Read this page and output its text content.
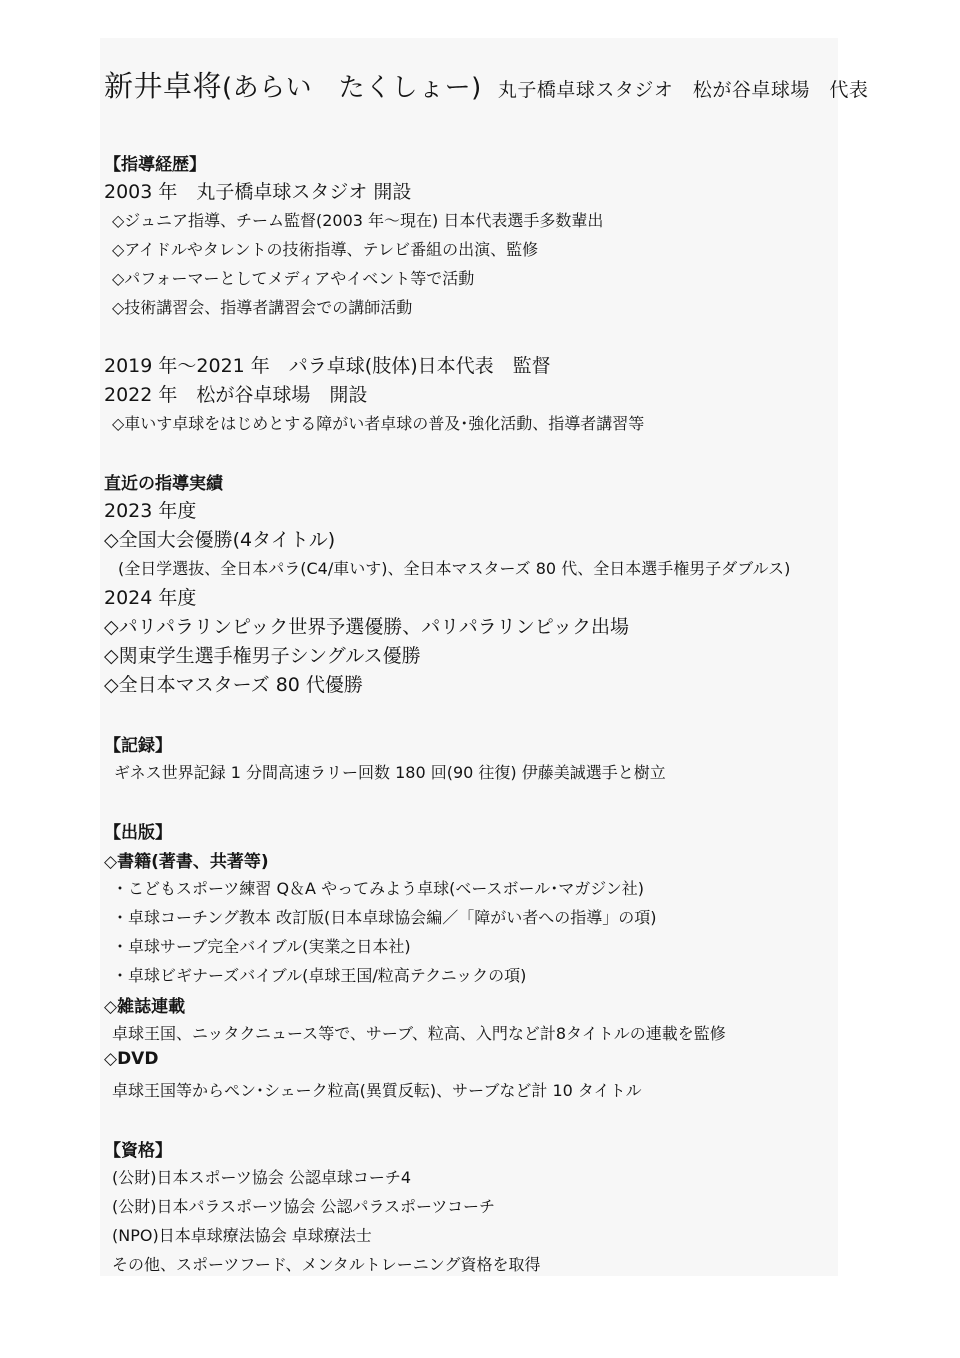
新井卓将(あらい　たくしょー) 丸子橋卓球スタジオ　松が谷卓球場　代表
【指導経歴】
2003 年　丸子橋卓球スタジオ 開設
◇ジュニア指導、チーム監督(2003 年～現在) 日本代表選手多数輩出
◇アイドルやタレントの技術指導、テレビ番組の出演、監修
◇パフォーマーとしてメディアやイベント等で活動
◇技術講習会、指導者講習会での講師活動
2019 年～2021 年　パラ卓球(肢体)日本代表　監督
2022 年　松が谷卓球場　開設
◇車いす卓球をはじめとする障がい者卓球の普及･強化活動、指導者講習等
直近の指導実績
2023 年度
◇全国大会優勝(4タイトル)
(全日学選抜、全日本パラ(C4/車いす)、全日本マスターズ 80 代、全日本選手権男子ダブルス)
2024 年度
◇パリパラリンピック世界予選優勝、パリパラリンピック出場
◇関東学生選手権男子シングルス優勝
◇全日本マスターズ 80 代優勝
【記録】
ギネス世界記録 1 分間高速ラリー回数 180 回(90 往復) 伊藤美誠選手と樹立
【出版】
◇書籍(著書、共著等)
・こどもスポーツ練習 Q＆A やってみよう卓球(ベースボール･マガジン社)
・卓球コーチング教本 改訂版(日本卓球協会編／「障がい者への指導」の項)
・卓球サーブ完全バイブル(実業之日本社)
・卓球ビギナーズバイブル(卓球王国/粒高テクニックの項)
◇雑誌連載
卓球王国、ニッタクニュース等で、サーブ、粒高、入門など計8タイトルの連載を監修
◇DVD
卓球王国等からペン･シェーク粒高(異質反転)、サーブなど計 10 タイトル
【資格】
(公財)日本スポーツ協会 公認卓球コーチ4
(公財)日本パラスポーツ協会 公認パラスポーツコーチ
(NPO)日本卓球療法協会 卓球療法士
その他、スポーツフード、メンタルトレーニング資格を取得
